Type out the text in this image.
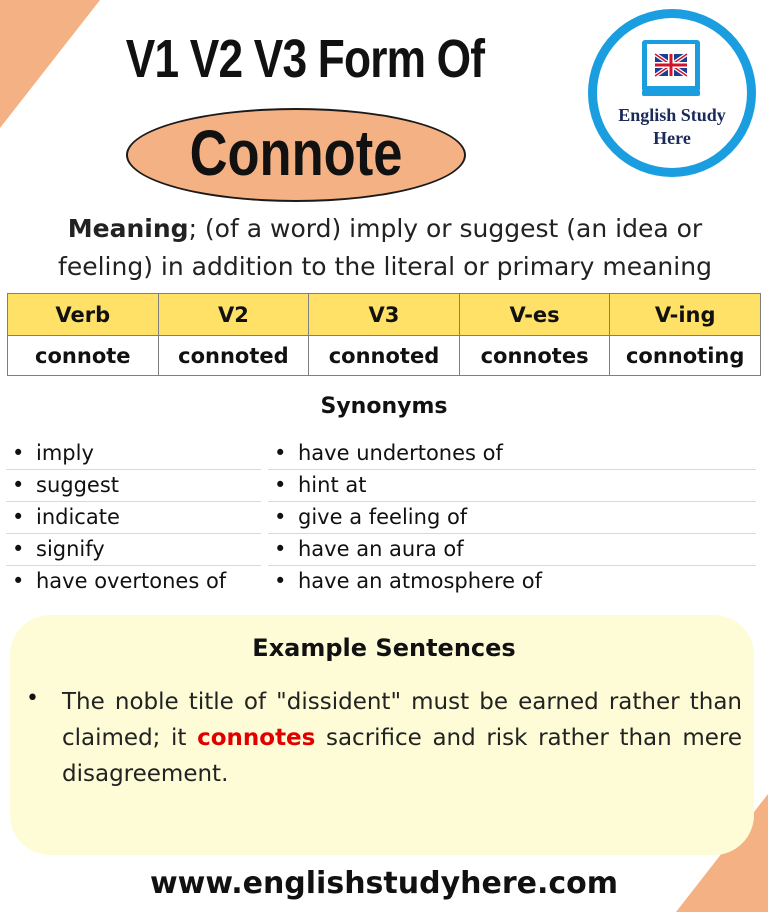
V1 V2 V3 Form Of
Connote
English Study
Here
Meaning; (of a word) imply or suggest (an idea or feeling) in addition to the literal or primary meaning
Verb	V2	V3	V-es	V-ing
connote	connoted	connoted	connotes	connoting
Synonyms
• imply
• suggest
• indicate
• signify
• have overtones of
• have undertones of
• hint at
• give a feeling of
• have an aura of
• have an atmosphere of
Example Sentences
• The noble title of "dissident" must be earned rather than claimed; it connotes sacrifice and risk rather than mere disagreement.
www.englishstudyhere.com
